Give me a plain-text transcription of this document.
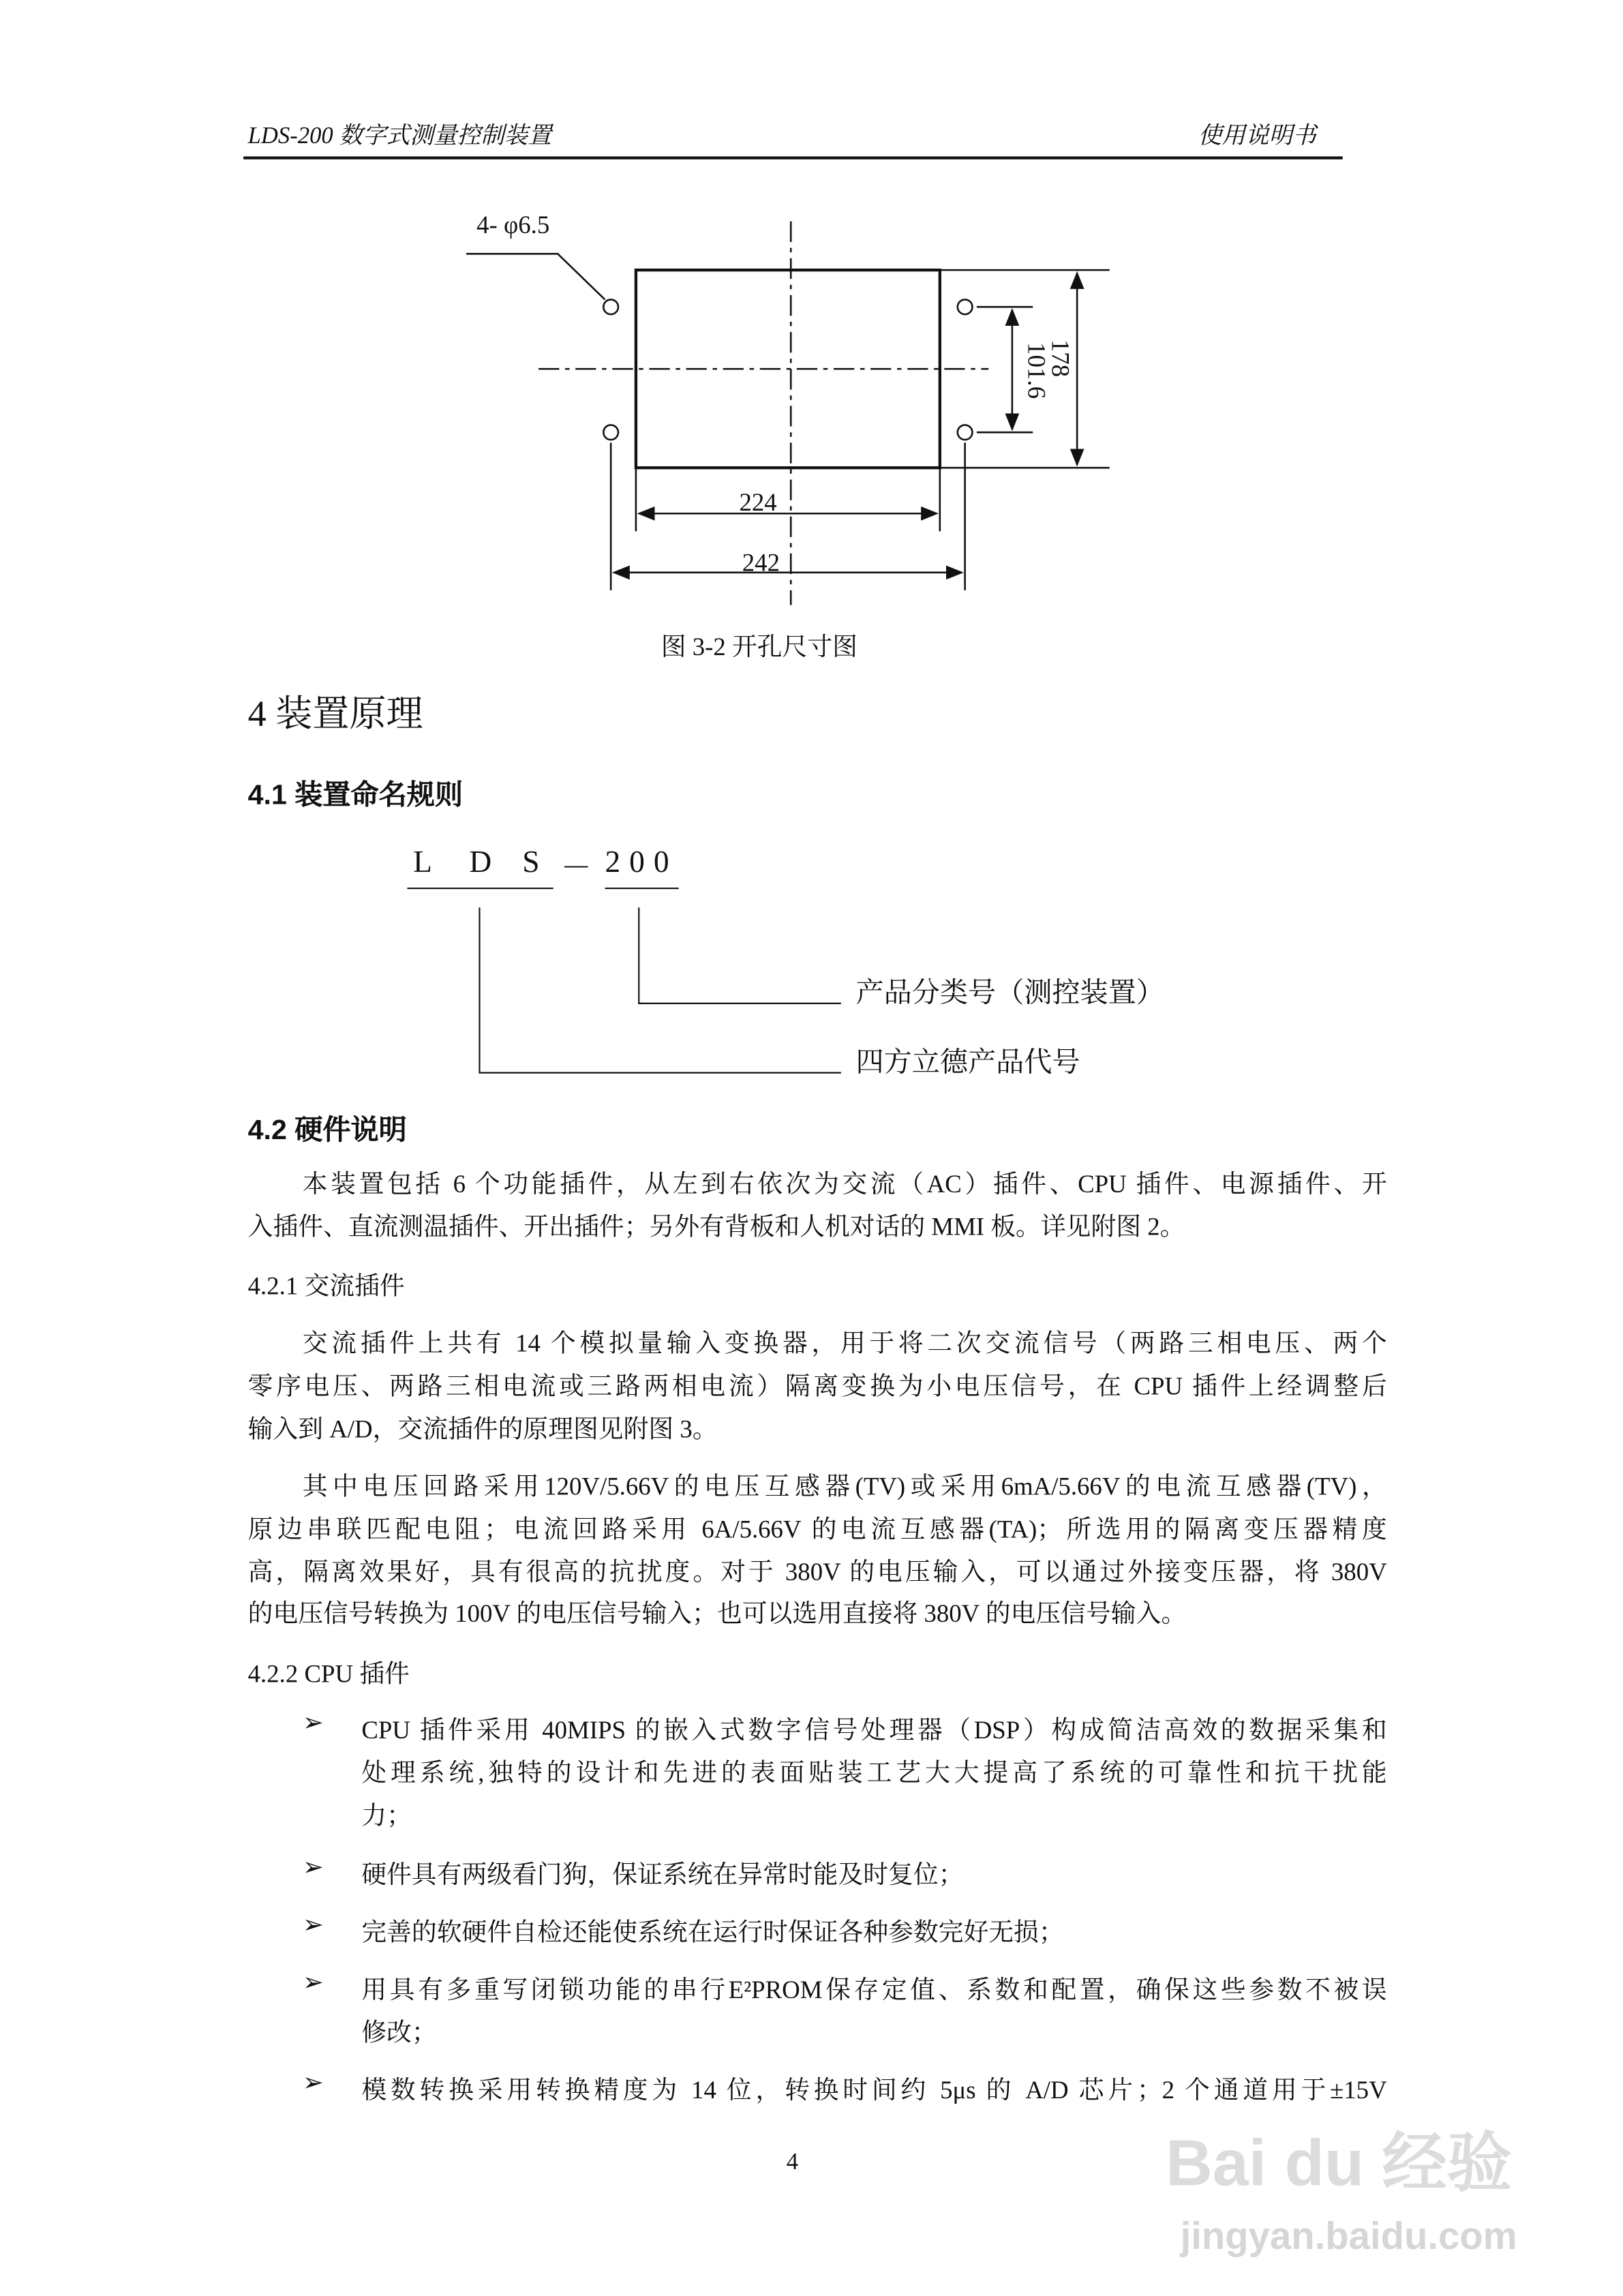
LDS-200 数字式测量控制装置	使用说明书
4- φ6.5
224
242
178
101.6
图 3-2 开孔尺寸图
4 装置原理
4.1 装置命名规则
L	D S － 200
产品分类号（测控装置）
四方立德产品代号
4.2 硬件说明
本装置包括 6 个功能插件，从左到右依次为交流（AC）插件、CPU 插件、电源插件、开
入插件、直流测温插件、开出插件；另外有背板和人机对话的 MMI 板。详见附图 2。
4.2.1 交流插件
交流插件上共有 14 个模拟量输入变换器，用于将二次交流信号（两路三相电压、两个
零序电压、两路三相电流或三路两相电流）隔离变换为小电压信号，在 CPU 插件上经调整后
输入到 A/D，交流插件的原理图见附图 3。
其中电压回路采用120V/5.66V的电压互感器(TV)或采用6mA/5.66V的电流互感器(TV)，
原边串联匹配电阻；电流回路采用 6A/5.66V 的电流互感器(TA)；所选用的隔离变压器精度
高，隔离效果好，具有很高的抗扰度。对于 380V 的电压输入，可以通过外接变压器，将 380V
的电压信号转换为 100V 的电压信号输入；也可以选用直接将 380V 的电压信号输入。
4.2.2 CPU 插件
➢	CPU 插件采用 40MIPS 的嵌入式数字信号处理器（DSP）构成简洁高效的数据采集和
处理系统,独特的设计和先进的表面贴装工艺大大提高了系统的可靠性和抗干扰能
力；
➢	硬件具有两级看门狗，保证系统在异常时能及时复位；
➢	完善的软硬件自检还能使系统在运行时保证各种参数完好无损；
➢	用具有多重写闭锁功能的串行E²PROM保存定值、系数和配置，确保这些参数不被误
修改；
➢	模数转换采用转换精度为 14 位，转换时间约 5μs 的 A/D 芯片；2 个通道用于±15V
4	Bai du 经验
jingyan.baidu.com
